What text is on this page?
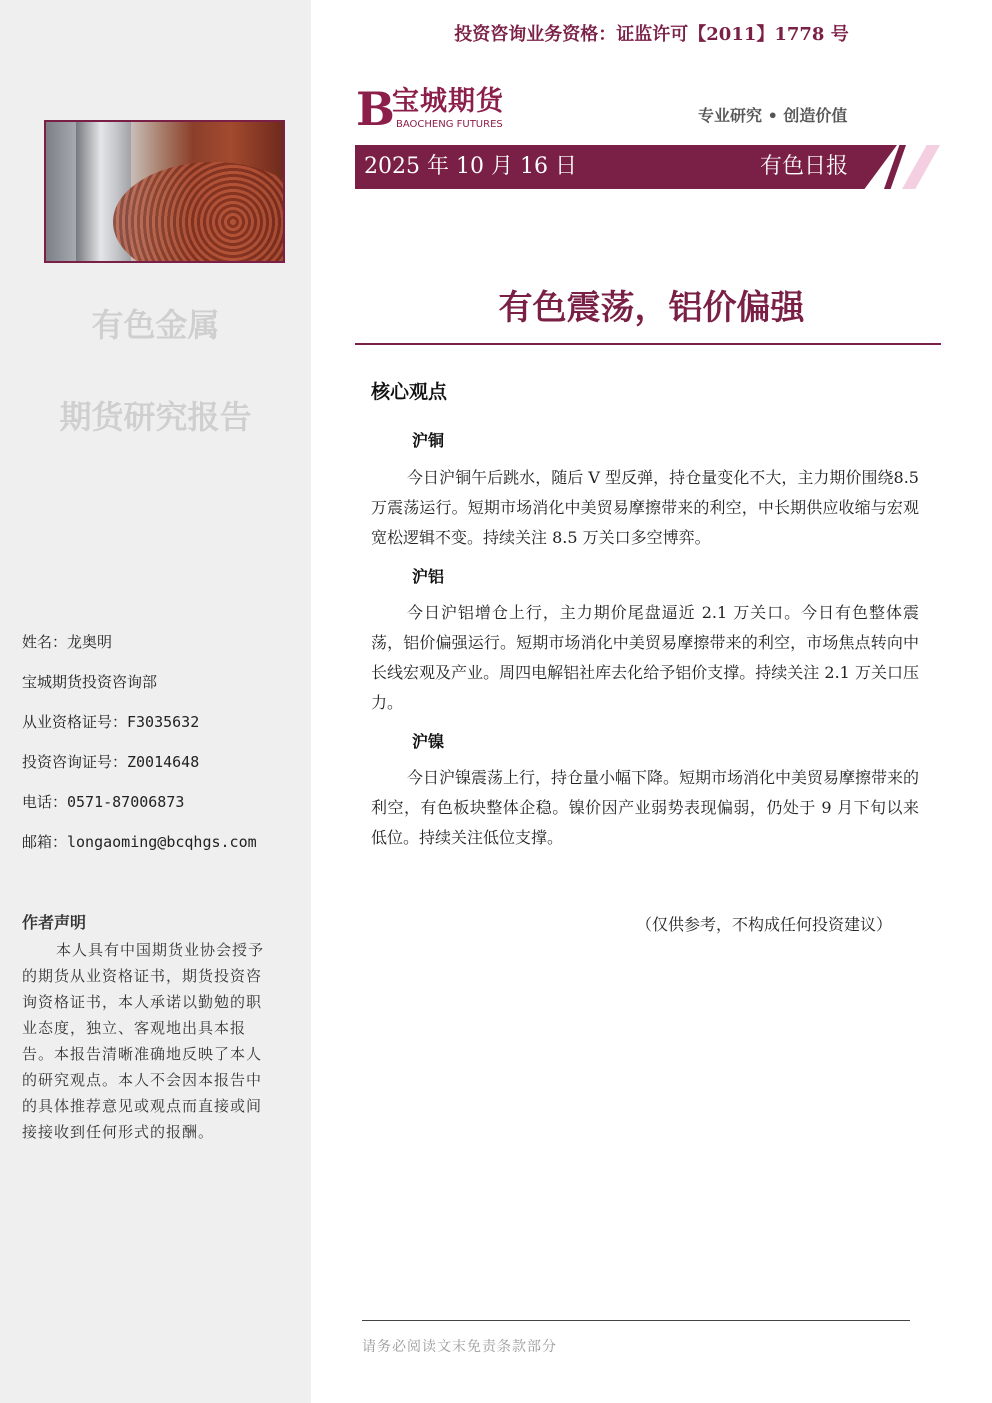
有色金属
期货研究报告
姓名：龙奥明
宝城期货投资咨询部
从业资格证号：F3035632
投资咨询证号：Z0014648
电话：0571-87006873
邮箱：longaoming@bcqhgs.com
作者声明
本人具有中国期货业协会授予的期货从业资格证书，期货投资咨询资格证书，本人承诺以勤勉的职业态度，独立、客观地出具本报告。本报告清晰准确地反映了本人的研究观点。本人不会因本报告中的具体推荐意见或观点而直接或间接接收到任何形式的报酬。
投资咨询业务资格：证监许可【2011】1778 号
B
宝城期货
BAOCHENG FUTURES	专业研究 • 创造价值
2025 年 10 月 16 日	有色日报
有色震荡，铝价偏强
核心观点
沪铜
今日沪铜午后跳水，随后 V 型反弹，持仓量变化不大，主力期价围绕8.5万震荡运行。短期市场消化中美贸易摩擦带来的利空，中长期供应收缩与宏观宽松逻辑不变。持续关注 8.5 万关口多空博弈。
沪铝
今日沪铝增仓上行，主力期价尾盘逼近 2.1 万关口。今日有色整体震荡，铝价偏强运行。短期市场消化中美贸易摩擦带来的利空，市场焦点转向中长线宏观及产业。周四电解铝社库去化给予铝价支撑。持续关注 2.1 万关口压力。
沪镍
今日沪镍震荡上行，持仓量小幅下降。短期市场消化中美贸易摩擦带来的利空，有色板块整体企稳。镍价因产业弱势表现偏弱，仍处于 9 月下旬以来低位。持续关注低位支撑。
（仅供参考，不构成任何投资建议）
请务必阅读文末免责条款部分
